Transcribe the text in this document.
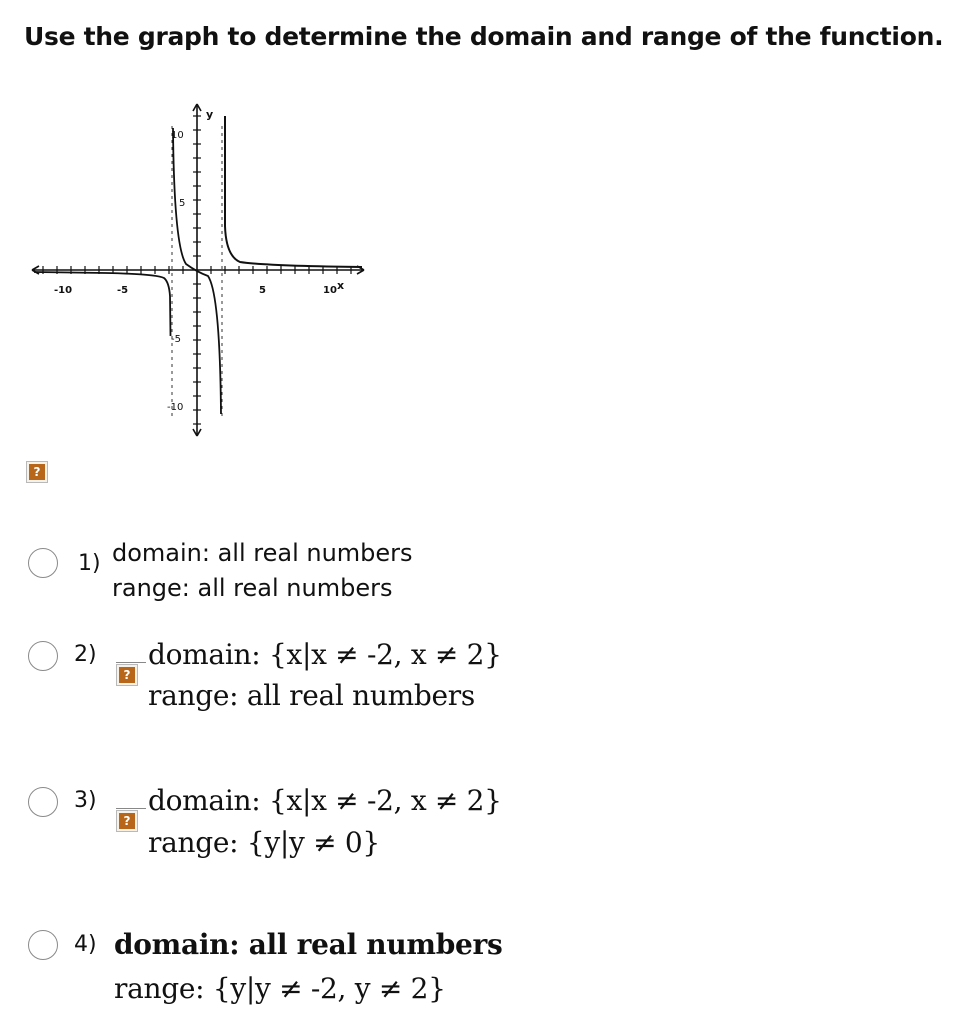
Use the graph to determine the domain and range of the function.
x
y
-10	-5	5	10
10
5
-5
-10
?
1) domain: all real numbers
range: all real numbers
2)
?
domain: {x|x ≠ -2, x ≠ 2}
range: all real numbers
3)
?
domain: {x|x ≠ -2, x ≠ 2}
range: {y|y ≠ 0}
4) domain: all real numbers
range: {y|y ≠ -2, y ≠ 2}
